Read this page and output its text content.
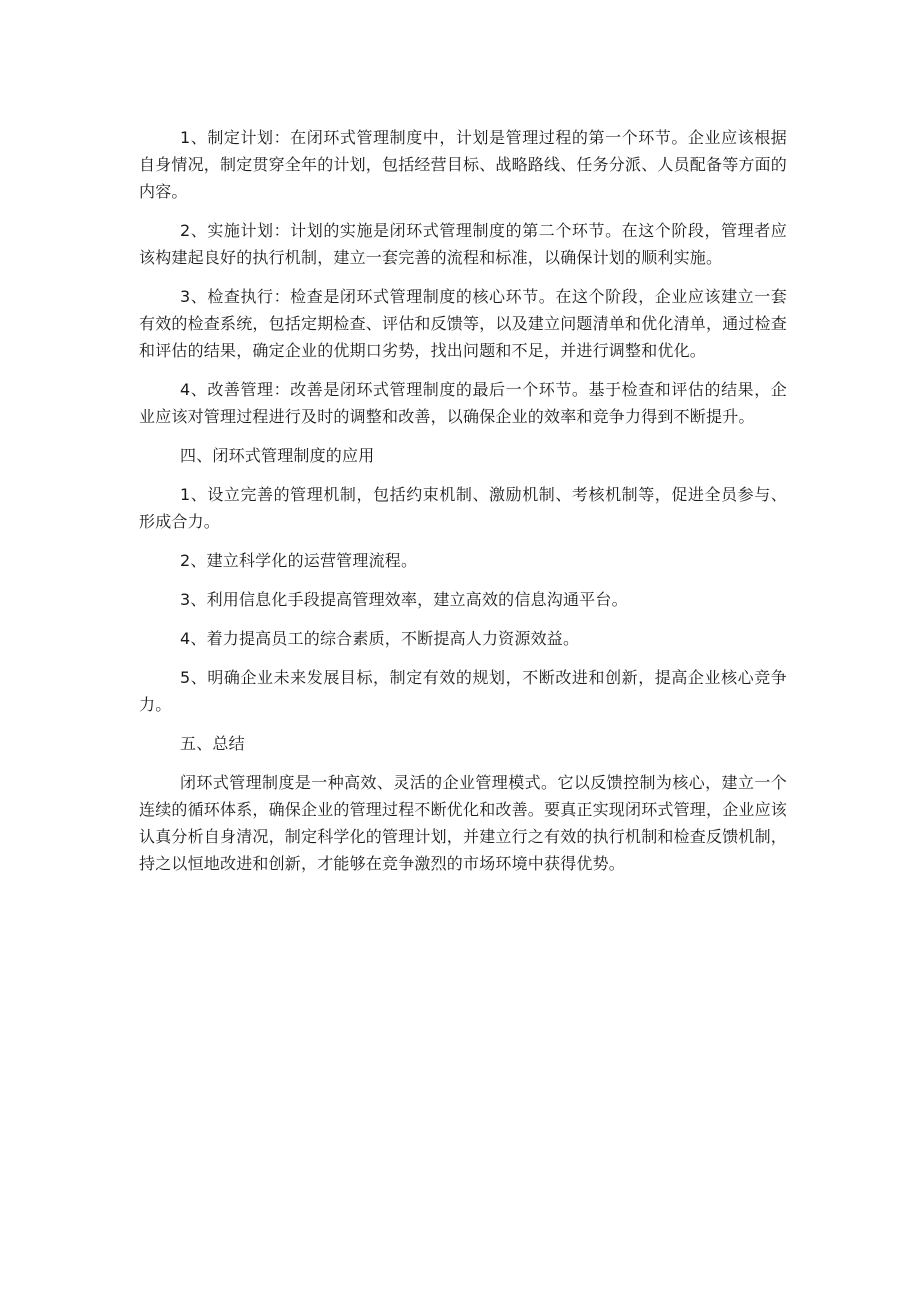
1、制定计划：在闭环式管理制度中，计划是管理过程的第一个环节。企业应该根据自身情况，制定贯穿全年的计划，包括经营目标、战略路线、任务分派、人员配备等方面的内容。

2、实施计划：计划的实施是闭环式管理制度的第二个环节。在这个阶段，管理者应该构建起良好的执行机制，建立一套完善的流程和标准，以确保计划的顺利实施。

3、检查执行：检查是闭环式管理制度的核心环节。在这个阶段，企业应该建立一套有效的检查系统，包括定期检查、评估和反馈等，以及建立问题清单和优化清单，通过检查和评估的结果，确定企业的优期口劣势，找出问题和不足，并进行调整和优化。

4、改善管理：改善是闭环式管理制度的最后一个环节。基于检查和评估的结果，企业应该对管理过程进行及时的调整和改善，以确保企业的效率和竞争力得到不断提升。

四、闭环式管理制度的应用

1、设立完善的管理机制，包括约束机制、激励机制、考核机制等，促进全员参与、形成合力。

2、建立科学化的运营管理流程。

3、利用信息化手段提高管理效率，建立高效的信息沟通平台。

4、着力提高员工的综合素质，不断提高人力资源效益。

5、明确企业未来发展目标，制定有效的规划，不断改进和创新，提高企业核心竞争力。

五、总结

闭环式管理制度是一种高效、灵活的企业管理模式。它以反馈控制为核心，建立一个连续的循环体系，确保企业的管理过程不断优化和改善。要真正实现闭环式管理，企业应该认真分析自身清况，制定科学化的管理计划，并建立行之有效的执行机制和检查反馈机制，持之以恒地改进和创新，才能够在竞争激烈的市场环境中获得优势。
